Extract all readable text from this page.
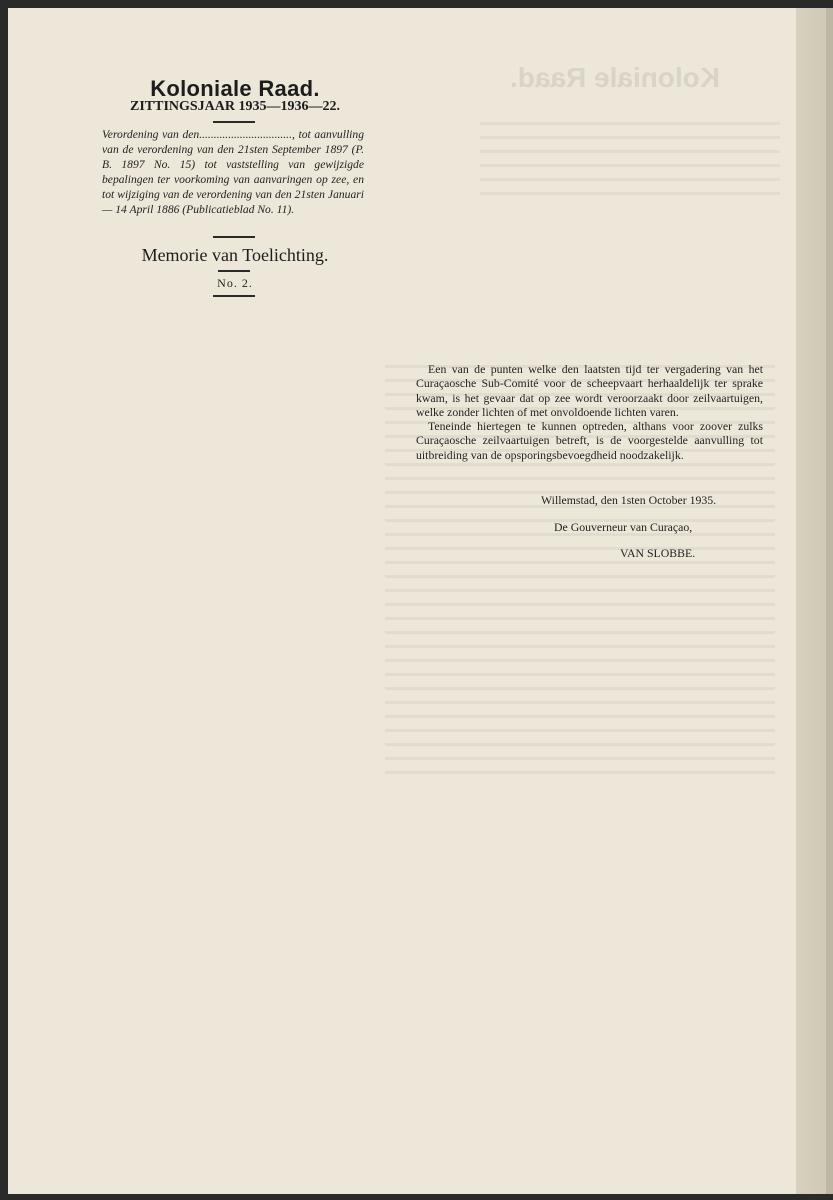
Koloniale Raad.
Koloniale Raad.
ZITTINGSJAAR 1935—1936—22.
Verordening van den................................, tot aanvulling van de verordening van den 21sten September 1897 (P. B. 1897 No. 15) tot vaststelling van gewijzigde bepalingen ter voorkoming van aanvaringen op zee, en tot wijziging van de verordening van den 21sten Januari — 14 April 1886 (Publicatieblad No. 11).
Memorie van Toelichting.
No. 2.

Een van de punten welke den laatsten tijd ter vergadering van het Curaçaosche Sub-Comité voor de scheepvaart herhaaldelijk ter sprake kwam, is het gevaar dat op zee wordt veroorzaakt door zeilvaartuigen, welke zonder lichten of met onvoldoende lichten varen.

Teneinde hiertegen te kunnen optreden, althans voor zoover zulks Curaçaosche zeilvaartuigen betreft, is de voorgestelde aanvulling tot uitbreiding van de opsporingsbevoegdheid noodzakelijk.

Willemstad, den 1sten October 1935.
De Gouverneur van Curaçao,
VAN SLOBBE.
